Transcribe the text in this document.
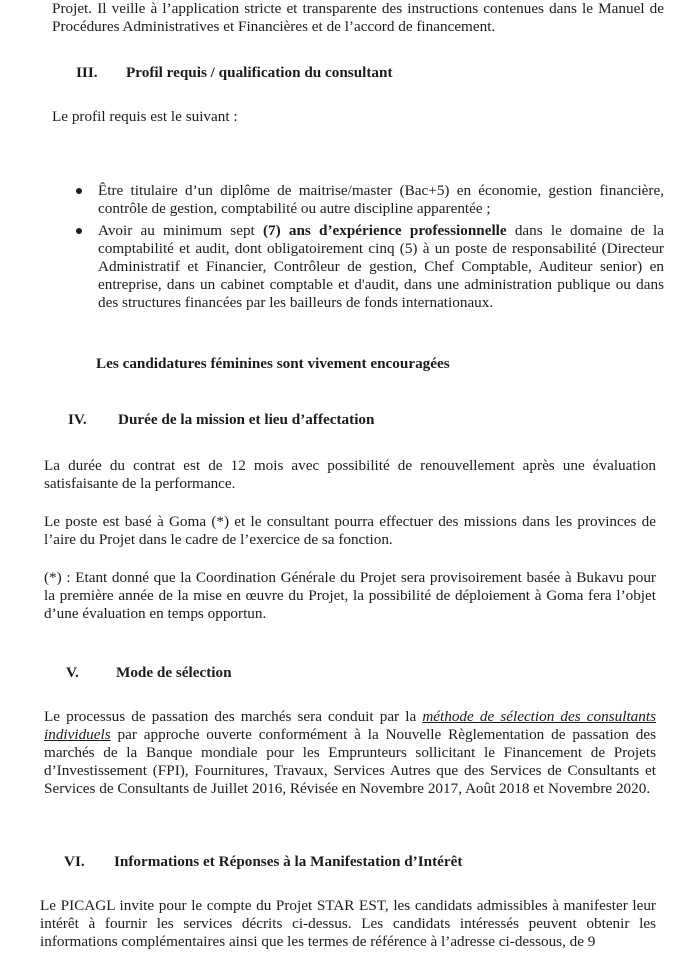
Projet. Il veille à l’application stricte et transparente des instructions contenues dans le Manuel de Procédures Administratives et Financières et de l’accord de financement.

III. Profil requis / qualification du consultant

Le profil requis est le suivant :

Être titulaire d’un diplôme de maitrise/master (Bac+5) en économie, gestion financière, contrôle de gestion, comptabilité ou autre discipline apparentée ;
Avoir au minimum sept (7) ans d’expérience professionnelle dans le domaine de la comptabilité et audit, dont obligatoirement cinq (5) à un poste de responsabilité (Directeur Administratif et Financier, Contrôleur de gestion, Chef Comptable, Auditeur senior) en entreprise, dans un cabinet comptable et d'audit, dans une administration publique ou dans des structures financées par les bailleurs de fonds internationaux.
Les candidatures féminines sont vivement encouragées
IV. Durée de la mission et lieu d’affectation

La durée du contrat est de 12 mois avec possibilité de renouvellement après une évaluation satisfaisante de la performance.

Le poste est basé à Goma (*) et le consultant pourra effectuer des missions dans les provinces de l’aire du Projet dans le cadre de l’exercice de sa fonction.

(*) : Etant donné que la Coordination Générale du Projet sera provisoirement basée à Bukavu pour la première année de la mise en œuvre du Projet, la possibilité de déploiement à Goma fera l’objet d’une évaluation en temps opportun.

V. Mode de sélection

Le processus de passation des marchés sera conduit par la méthode de sélection des consultants individuels par approche ouverte conformément à la Nouvelle Règlementation de passation des marchés de la Banque mondiale pour les Emprunteurs sollicitant le Financement de Projets d’Investissement (FPI), Fournitures, Travaux, Services Autres que des Services de Consultants et Services de Consultants de Juillet 2016, Révisée en Novembre 2017, Août 2018 et Novembre 2020.

VI. Informations et Réponses à la Manifestation d’Intérêt

Le PICAGL invite pour le compte du Projet STAR EST, les candidats admissibles à manifester leur intérêt à fournir les services décrits ci-dessus. Les candidats intéressés peuvent obtenir les informations complémentaires ainsi que les termes de référence à l’adresse ci-dessous, de 9
